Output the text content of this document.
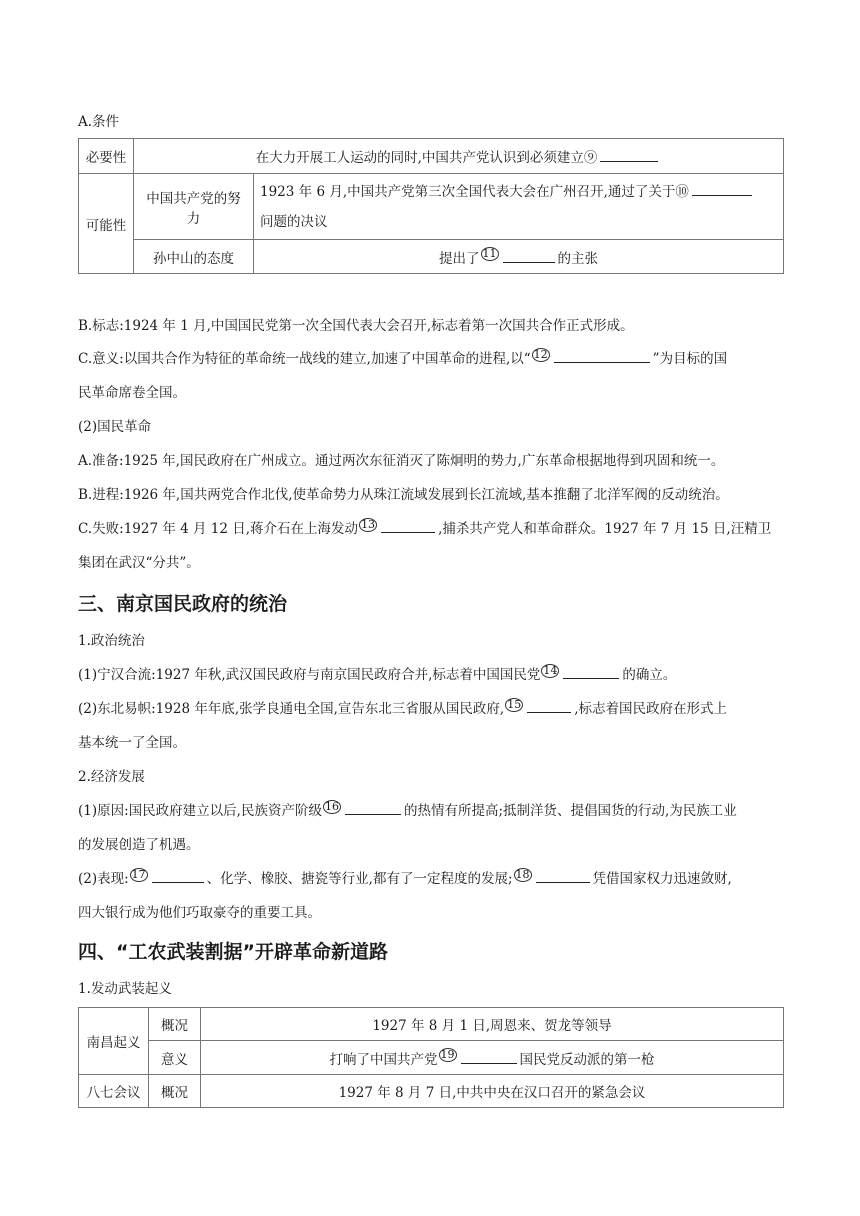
A.条件
必要性	在大力开展工人运动的同时,中国共产党认识到必须建立⑨	
可能性	中国共产党的努力	1923 年 6 月,中国共产党第三次全国代表大会在广州召开,通过了关于⑩
问题的决议
	孙中山的态度	提出了 11 的主张
B.标志:1924 年 1 月,中国国民党第一次全国代表大会召开,标志着第一次国共合作正式形成。
C.意义:以国共合作为特征的革命统一战线的建立,加速了中国革命的进程,以“ 12	”为目标的国
民革命席卷全国。
(2)国民革命
A.准备:1925 年,国民政府在广州成立。通过两次东征消灭了陈炯明的势力,广东革命根据地得到巩固和统一。
B.进程:1926 年,国共两党合作北伐,使革命势力从珠江流域发展到长江流域,基本推翻了北洋军阀的反动统治。
C.失败:1927 年 4 月 12 日,蒋介石在上海发动 13	,捕杀共产党人和革命群众。1927 年 7 月 15 日,汪精卫
集团在武汉“分共”。
三、南京国民政府的统治
1.政治统治
(1)宁汉合流:1927 年秋,武汉国民政府与南京国民政府合并,标志着中国国民党 14	的确立。
(2)东北易帜:1928 年年底,张学良通电全国,宣告东北三省服从国民政府, 15	,标志着国民政府在形式上
基本统一了全国。
2.经济发展
(1)原因:国民政府建立以后,民族资产阶级 16	的热情有所提高;抵制洋货、提倡国货的行动,为民族工业
的发展创造了机遇。
(2)表现: 17	、化学、橡胶、搪瓷等行业,都有了一定程度的发展; 18	凭借国家权力迅速敛财,
四大银行成为他们巧取豪夺的重要工具。
四、“工农武装割据”开辟革命新道路
1.发动武装起义
南昌起义	概况	1927 年 8 月 1 日,周恩来、贺龙等领导
	意义	打响了中国共产党 19 国民党反动派的第一枪
八七会议	概况	1927 年 8 月 7 日,中共中央在汉口召开的紧急会议
